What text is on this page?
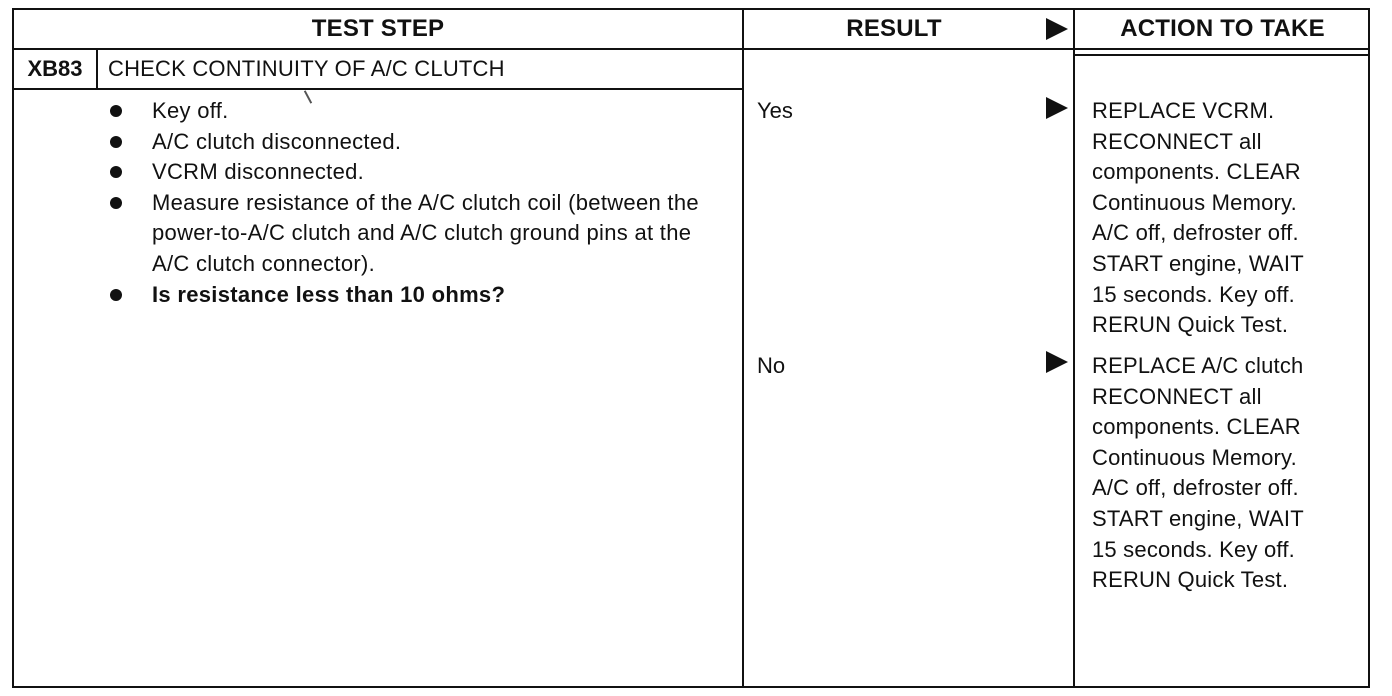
TEST STEP	RESULT	ACTION TO TAKE
XB83	CHECK CONTINUITY OF A/C CLUTCH
Key off.
A/C clutch disconnected.
VCRM disconnected.
Measure resistance of the A/C clutch coil (between the power-to-A/C clutch and A/C clutch ground pins at the A/C clutch connector).
Is resistance less than 10 ohms?
Yes	REPLACE VCRM.
RECONNECT all
components. CLEAR
Continuous Memory.
A/C off, defroster off.
START engine, WAIT
15 seconds. Key off.
RERUN Quick Test.
No	REPLACE A/C clutch
RECONNECT all
components. CLEAR
Continuous Memory.
A/C off, defroster off.
START engine, WAIT
15 seconds. Key off.
RERUN Quick Test.
